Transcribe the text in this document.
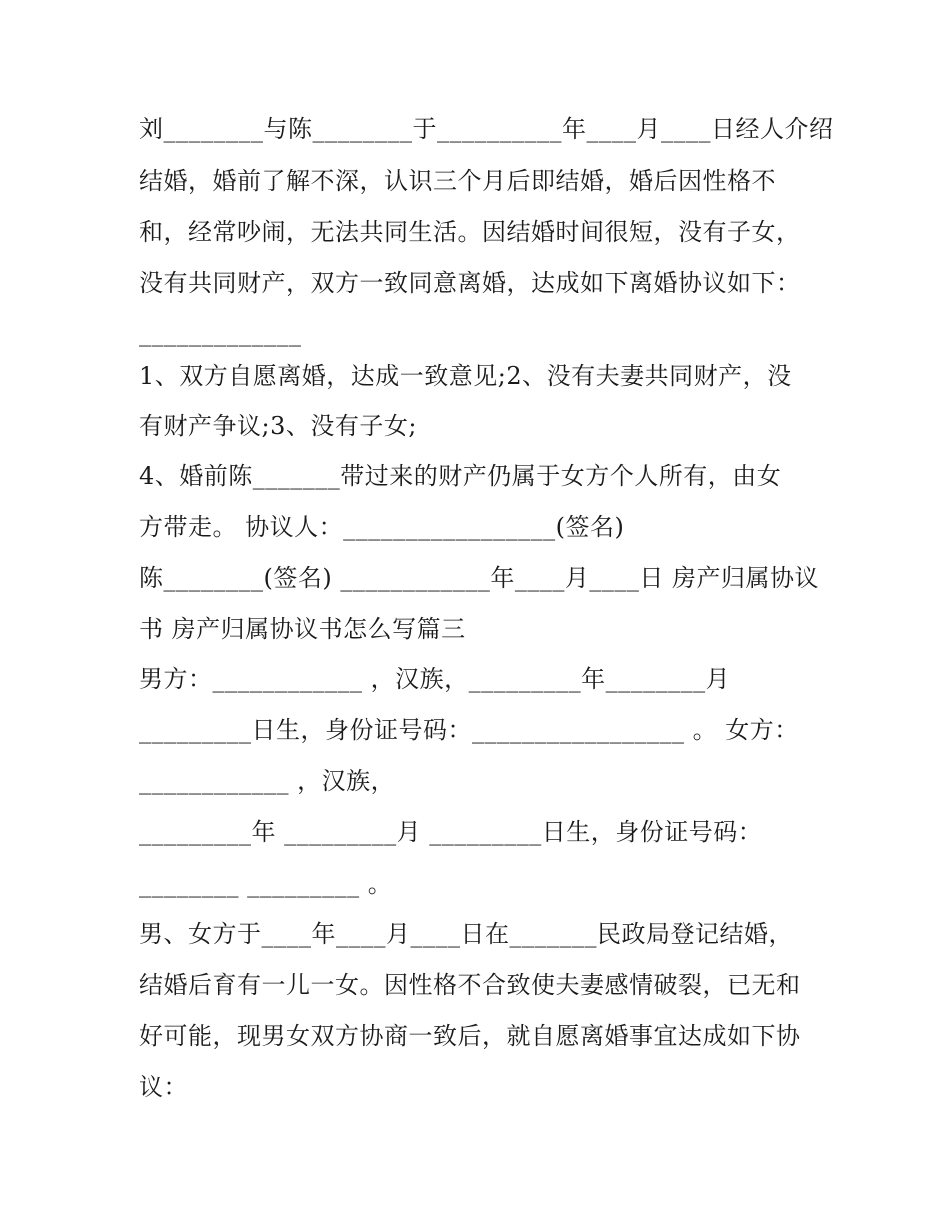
刘________与陈________于__________年____月____日经人介绍
结婚，婚前了解不深，认识三个月后即结婚，婚后因性格不
和，经常吵闹，无法共同生活。因结婚时间很短，没有子女，
没有共同财产，双方一致同意离婚，达成如下离婚协议如下：
_____________
1、双方自愿离婚，达成一致意见;2、没有夫妻共同财产，没
有财产争议;3、没有子女;
4、婚前陈_______带过来的财产仍属于女方个人所有，由女
方带走。 协议人：_________________(签名)
陈________(签名) ____________年____月____日 房产归属协议
书 房产归属协议书怎么写篇三
男方：____________ ，汉族，_________年________月
_________日生，身份证号码：_________________ 。 女方：
____________ ，汉族，
_________年 _________月 _________日生，身份证号码：
________ _________ 。
男、女方于____年____月____日在_______民政局登记结婚，
结婚后育有一儿一女。因性格不合致使夫妻感情破裂，已无和
好可能，现男女双方协商一致后，就自愿离婚事宜达成如下协
议：
